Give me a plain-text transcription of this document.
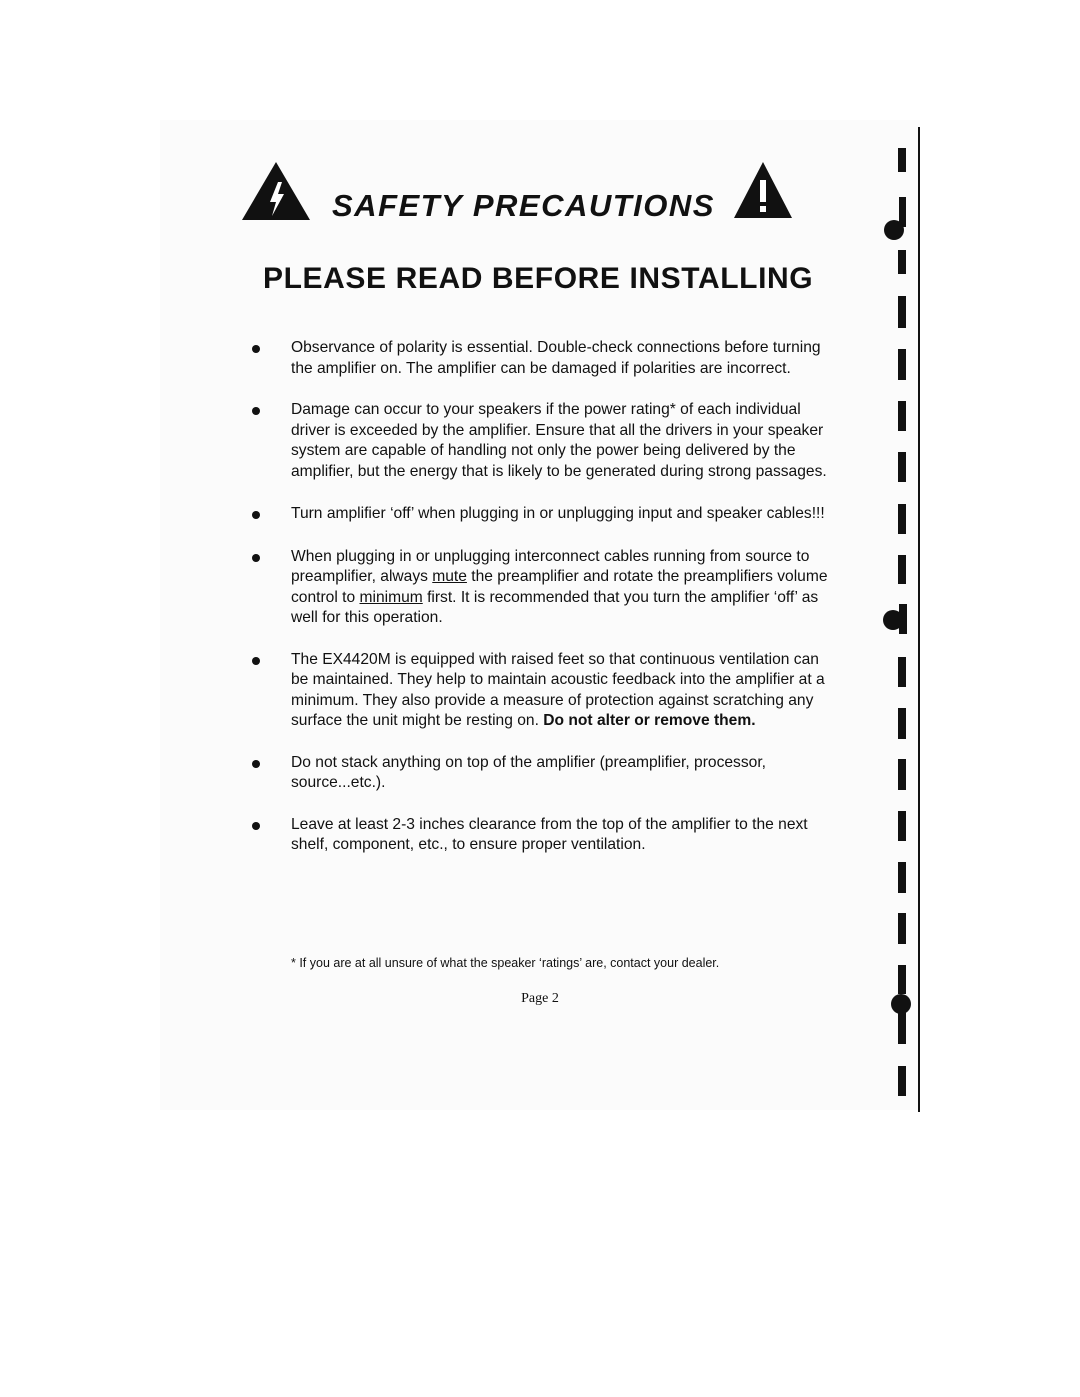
SAFETY PRECAUTIONS
PLEASE READ BEFORE INSTALLING
Observance of polarity is essential. Double-check connections before turning the amplifier on. The amplifier can be damaged if polarities are incorrect.
Damage can occur to your speakers if the power rating* of each individual driver is exceeded by the amplifier. Ensure that all the drivers in your speaker system are capable of handling not only the power being delivered by the amplifier, but the energy that is likely to be generated during strong passages.
Turn amplifier ‘off’ when plugging in or unplugging input and speaker cables!!!
When plugging in or unplugging interconnect cables running from source to preamplifier, always mute the preamplifier and rotate the preamplifiers volume control to minimum first. It is recommended that you turn the amplifier ‘off’ as well for this operation.
The EX4420M is equipped with raised feet so that continuous ventilation can be maintained. They help to maintain acoustic feedback into the amplifier at a minimum. They also provide a measure of protection against scratching any surface the unit might be resting on. Do not alter or remove them.
Do not stack anything on top of the amplifier (preamplifier, processor, source...etc.).
Leave at least 2-3 inches clearance from the top of the amplifier to the next shelf, component, etc., to ensure proper ventilation.
* If you are at all unsure of what the speaker ‘ratings’ are, contact your dealer.
Page 2
